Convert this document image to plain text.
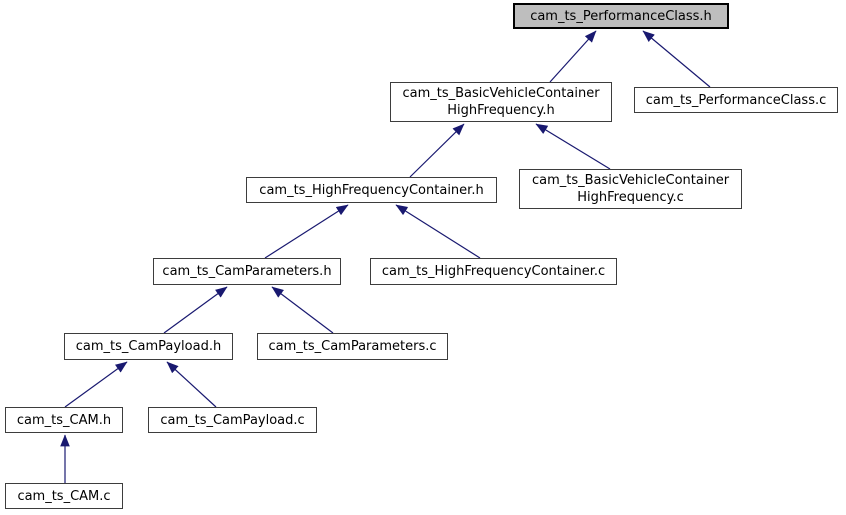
cam_ts_PerformanceClass.h
cam_ts_BasicVehicleContainer
HighFrequency.h
cam_ts_PerformanceClass.c
cam_ts_HighFrequencyContainer.h
cam_ts_BasicVehicleContainer
HighFrequency.c
cam_ts_CamParameters.h	cam_ts_HighFrequencyContainer.c
cam_ts_CamPayload.h	cam_ts_CamParameters.c
cam_ts_CAM.h	cam_ts_CamPayload.c
cam_ts_CAM.c
